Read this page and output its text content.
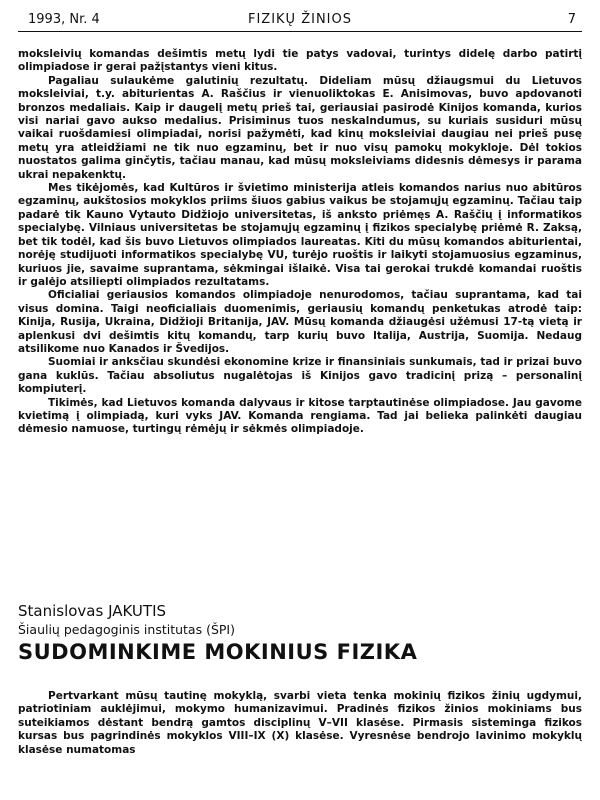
1993, Nr. 4	FIZIKŲ ŽINIOS	7

moksleivių komandas dešimtis metų lydi tie patys vadovai, turintys didelę darbo patirtį olimpiadose ir gerai pažįstantys vieni kitus.

Pagaliau sulaukėme galutinių rezultatų. Dideliam mūsų džiaugsmui du Lietuvos moksleiviai, t.y. abiturientas A. Raščius ir vienuoliktokas E. Anisimovas, buvo apdovanoti bronzos medaliais. Kaip ir daugelį metų prieš tai, geriausiai pasirodė Kinijos komanda, kurios visi nariai gavo aukso medalius. Prisiminus tuos neskalndumus, su kuriais susiduri mūsų vaikai ruošdamiesi olimpiadai, norisi pažymėti, kad kinų moksleiviai daugiau nei prieš pusę metų yra atleidžiami ne tik nuo egzaminų, bet ir nuo visų pamokų mokykloje. Dėl tokios nuostatos galima ginčytis, tačiau manau, kad mūsų moksleiviams didesnis dėmesys ir parama ukrai nepakenktų.

Mes tikėjomės, kad Kultūros ir švietimo ministerija atleis komandos narius nuo abitūros egzaminų, aukštosios mokyklos priims šiuos gabius vaikus be stojamųjų egzaminų. Tačiau taip padarė tik Kauno Vytauto Didžiojo universitetas, iš anksto priėmęs A. Raščių į informatikos specialybę. Vilniaus universitetas be stojamųjų egzaminų į fizikos specialybę priėmė R. Zaksą, bet tik todėl, kad šis buvo Lietuvos olimpiados laureatas. Kiti du mūsų komandos abiturientai, norėję studijuoti informatikos specialybę VU, turėjo ruoštis ir laikyti stojamuosius egzaminus, kuriuos jie, savaime suprantama, sėkmingai išlaikė. Visa tai gerokai trukdė komandai ruoštis ir galėjo atsiliepti olimpiados rezultatams.

Oficialiai geriausios komandos olimpiadoje nenurodomos, tačiau suprantama, kad tai visus domina. Taigi neoficialiais duomenimis, geriausių komandų penketukas atrodė taip: Kinija, Rusija, Ukraina, Didžioji Britanija, JAV. Mūsų komanda džiaugėsi užėmusi 17-tą vietą ir aplenkusi dvi dešimtis kitų komandų, tarp kurių buvo Italija, Austrija, Suomija. Nedaug atsilikome nuo Kanados ir Švedijos.

Suomiai ir anksčiau skundėsi ekonomine krize ir finansiniais sunkumais, tad ir prizai buvo gana kuklūs. Tačiau absoliutus nugalėtojas iš Kinijos gavo tradicinį prizą – personalinį kompiuterį.

Tikimės, kad Lietuvos komanda dalyvaus ir kitose tarptautinėse olimpiadose. Jau gavome kvietimą į olimpiadą, kuri vyks JAV. Komanda rengiama. Tad jai belieka palinkėti daugiau dėmesio namuose, turtingų rėmėjų ir sėkmės olimpiadoje.

Stanislovas JAKUTIS
Šiaulių pedagoginis institutas (ŠPI)
SUDOMINKIME MOKINIUS FIZIKA

Pertvarkant mūsų tautinę mokyklą, svarbi vieta tenka mokinių fizikos žinių ugdymui, patriotiniam auklėjimui, mokymo humanizavimui. Pradinės fizikos žinios mokiniams bus suteikiamos dėstant bendrą gamtos disciplinų V–VII klasėse. Pirmasis sisteminga fizikos kursas bus pagrindinės mokyklos VIII–IX (X) klasėse. Vyresnėse bendrojo lavinimo mokyklų klasėse numatomas
